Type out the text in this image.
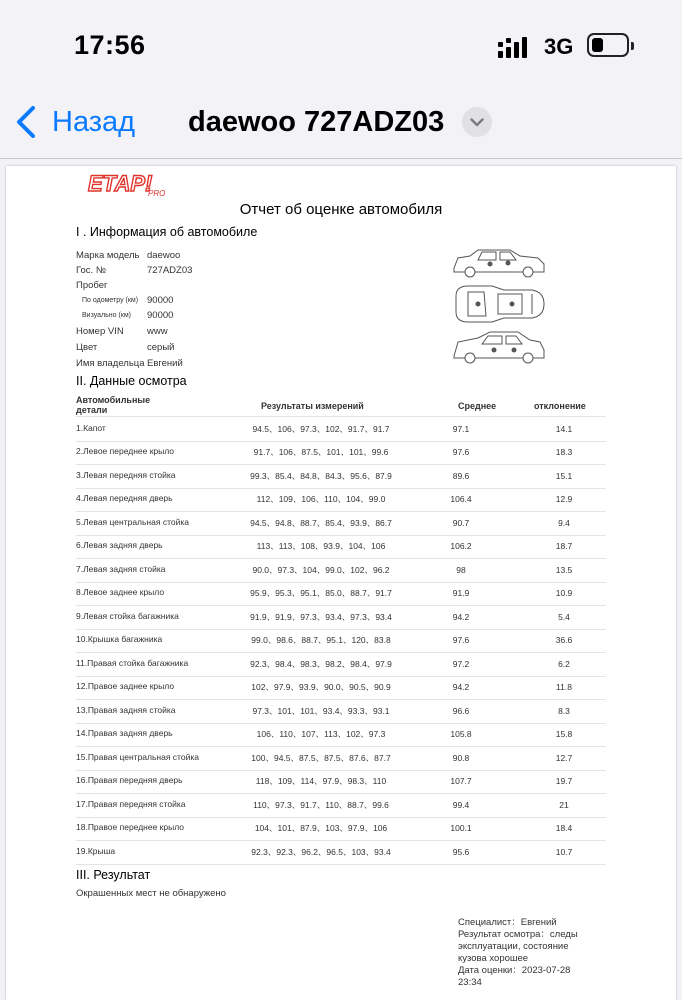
17:56	3G
Назад daewoo 727ADZ03
ETAP!
PRO
Отчет об оценке автомобиля
I . Информация об автомобиле
Марка модель daewoo
Гос. №	727ADZ03
Пробег
По одометру (км) 90000
Визуально (км) 90000
Номер VIN www
Цвет	серый
Имя владельца Евгений
II. Данные осмотра
Автомобильные
детали	Результаты измерений	Среднее	отклонение
1.Капот	94.5、106、97.3、102、91.7、91.7	97.1	14.1
2.Левое переднее крыло	91.7、106、87.5、101、101、99.6	97.6	18.3
3.Левая передняя стойка	99.3、85.4、84.8、84.3、95.6、87.9	89.6	15.1
4.Левая передняя дверь	112、109、106、110、104、99.0	106.4	12.9
5.Левая центральная стойка	94.5、94.8、88.7、85.4、93.9、86.7	90.7	9.4
6.Левая задняя дверь	113、113、108、93.9、104、106	106.2	18.7
7.Левая задняя стойка	90.0、97.3、104、99.0、102、96.2	98	13.5
8.Левое заднее крыло	95.9、95.3、95.1、85.0、88.7、91.7	91.9	10.9
9.Левая стойка багажника	91.9、91.9、97.3、93.4、97.3、93.4	94.2	5.4
10.Крышка багажника	99.0、98.6、88.7、95.1、120、83.8	97.6	36.6
11.Правая стойка багажника	92.3、98.4、98.3、98.2、98.4、97.9	97.2	6.2
12.Правое заднее крыло	102、97.9、93.9、90.0、90.5、90.9	94.2	11.8
13.Правая задняя стойка	97.3、101、101、93.4、93.3、93.1	96.6	8.3
14.Правая задняя дверь	106、110、107、113、102、97.3	105.8	15.8
15.Правая центральная стойка	100、94.5、87.5、87.5、87.6、87.7	90.8	12.7
16.Правая передняя дверь	118、109、114、97.9、98.3、110	107.7	19.7
17.Правая передняя стойка	110、97.3、91.7、110、88.7、99.6	99.4	21
18.Правое переднее крыло	104、101、87.9、103、97.9、106	100.1	18.4
19.Крыша	92.3、92.3、96.2、96.5、103、93.4	95.6	10.7
III. Результат
Окрашенных мест не обнаружено
Специалист：Евгений
Результат осмотра：следы
эксплуатации, состояние
кузова хорошее
Дата оценки：2023-07-28
23:34
